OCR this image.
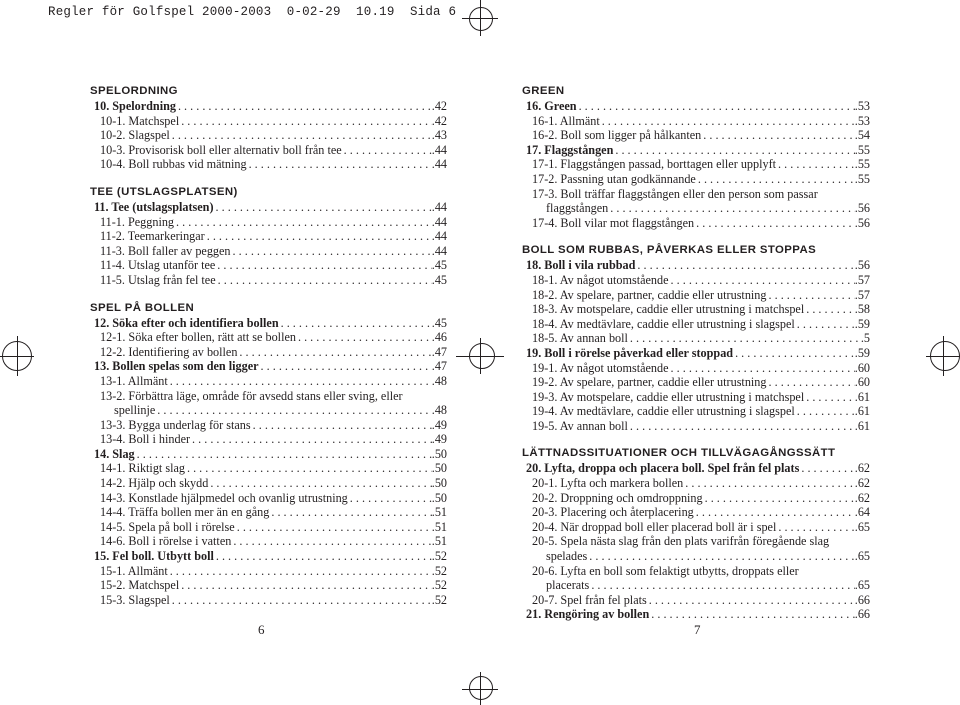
Regler för Golfspel 2000-2003  0-02-29  10.19  Sida 6
SPELORDNING
10. Spelordning . . .	.42
10-1. Matchspel . . .	.42
10-2. Slagspel . . .	.43
10-3. Provisorisk boll eller alternativ boll från tee . . .	.44
10-4. Boll rubbas vid mätning . . .	.44
TEE (UTSLAGSPLATSEN)
11. Tee (utslagsplatsen) . . .	.44
11-1. Peggning . . .	.44
11-2. Teemarkeringar . . .	.44
11-3. Boll faller av peggen . . .	.44
11-4. Utslag utanför tee . . .	.45
11-5. Utslag från fel tee . . .	.45
SPEL PÅ BOLLEN
12. Söka efter och identifiera bollen . . .	.45
12-1. Söka efter bollen, rätt att se bollen . . .	.46
12-2. Identifiering av bollen . . .	.47
13. Bollen spelas som den ligger . . .	.47
13-1. Allmänt . . .	.48
13-2. Förbättra läge, område för avsedd stans eller sving, eller
spellinje . . .	.48
13-3. Bygga underlag för stans . . .	.49
13-4. Boll i hinder . . .	.49
14. Slag . . .	.50
14-1. Riktigt slag . . .	.50
14-2. Hjälp och skydd . . .	.50
14-3. Konstlade hjälpmedel och ovanlig utrustning . . .	.50
14-4. Träffa bollen mer än en gång . . .	.51
14-5. Spela på boll i rörelse . . .	.51
14-6. Boll i rörelse i vatten . . .	.51
15. Fel boll. Utbytt boll . . .	.52
15-1. Allmänt . . .	.52
15-2. Matchspel . . .	.52
15-3. Slagspel . . .	.52
GREEN
16. Green . . .	.53
16-1. Allmänt . . .	.53
16-2. Boll som ligger på hålkanten . . .	.54
17. Flaggstången . . .	.55
17-1. Flaggstången passad, borttagen eller upplyft . . .	.55
17-2. Passning utan godkännande . . .	.55
17-3. Boll träffar flaggstången eller den person som passar
flaggstången . . .	.56
17-4. Boll vilar mot flaggstången . . .	.56
BOLL SOM RUBBAS, PÅVERKAS ELLER STOPPAS
18. Boll i vila rubbad . . .	.56
18-1. Av något utomstående . . .	.57
18-2. Av spelare, partner, caddie eller utrustning . . .	.57
18-3. Av motspelare, caddie eller utrustning i matchspel . . .	.58
18-4. Av medtävlare, caddie eller utrustning i slagspel . . .	.59
18-5. Av annan boll . . .	.5
19. Boll i rörelse påverkad eller stoppad . . .	.59
19-1. Av något utomstående . . .	.60
19-2. Av spelare, partner, caddie eller utrustning . . .	.60
19-3. Av motspelare, caddie eller utrustning i matchspel . . .	.61
19-4. Av medtävlare, caddie eller utrustning i slagspel . . .	.61
19-5. Av annan boll . . .	.61
LÄTTNADSSITUATIONER OCH TILLVÄGAGÅNGSSÄTT
20. Lyfta, droppa och placera boll. Spel från fel plats . . .	.62
20-1. Lyfta och markera bollen . . .	.62
20-2. Droppning och omdroppning . . .	.62
20-3. Placering och återplacering . . .	.64
20-4. När droppad boll eller placerad boll är i spel . . .	.65
20-5. Spela nästa slag från den plats varifrån föregående slag
spelades . . .	.65
20-6. Lyfta en boll som felaktigt utbytts, droppats eller
placerats . . .	.65
20-7. Spel från fel plats . . .	.66
21. Rengöring av bollen . . .	.66
6	7
